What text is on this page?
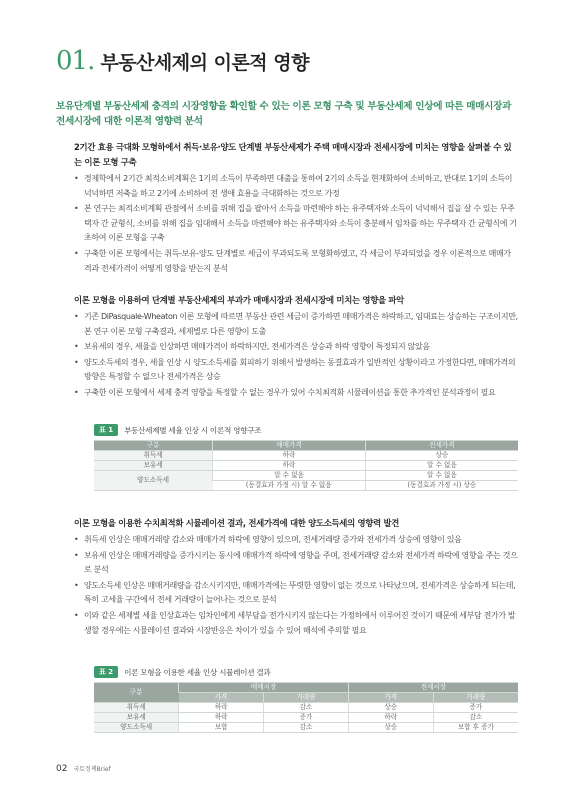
01. 부동산세제의 이론적 영향
보유단계별 부동산세제 충격의 시장영향을 확인할 수 있는 이론 모형 구축 및 부동산세제 인상에 따른 매매시장과 전세시장에 대한 이론적 영향력 분석
2기간 효용 극대화 모형하에서 취득·보유·양도 단계별 부동산세제가 주택 매매시장과 전세시장에 미치는 영향을 살펴볼 수 있는 이론 모형 구축
• 경제학에서 2기간 최적소비계획은 1기의 소득이 부족하면 대출을 통하여 2기의 소득을 현재화하여 소비하고, 반대로 1기의 소득이 넉넉하면 저축을 하고 2기에 소비하여 전 생애 효용을 극대화하는 것으로 가정
• 본 연구는 최적소비계획 관점에서 소비를 위해 집을 팔아서 소득을 마련해야 하는 유주택자와 소득이 넉넉해서 집을 살 수 있는 무주택자 간 균형식, 소비를 위해 집을 임대해서 소득을 마련해야 하는 유주택자와 소득이 충분해서 임차를 하는 무주택자 간 균형식에 기초하여 이론 모형을 구축
• 구축한 이론 모형에서는 취득-보유-양도 단계별로 세금이 부과되도록 모형화하였고, 각 세금이 부과되었을 경우 이론적으로 매매가격과 전세가격이 어떻게 영향을 받는지 분석
이론 모형을 이용하여 단계별 부동산세제의 부과가 매매시장과 전세시장에 미치는 영향을 파악
• 기존 DiPasquale-Wheaton 이론 모형에 따르면 부동산 관련 세금이 증가하면 매매가격은 하락하고, 임대료는 상승하는 구조이지만, 본 연구 이론 모형 구축결과, 세제별로 다른 영향이 도출
• 보유세의 경우, 세율을 인상하면 매매가격이 하락하지만, 전세가격은 상승과 하락 영향이 특정되지 않았음
• 양도소득세의 경우, 세율 인상 시 양도소득세를 회피하기 위해서 발생하는 동결효과가 일반적인 상황이라고 가정한다면, 매매가격의 방향은 특정할 수 없으나 전세가격은 상승
• 구축한 이론 모형에서 세제 충격 영향을 특정할 수 없는 경우가 있어 수치최적화 시뮬레이션을 통한 추가적인 분석과정이 필요
표 1	부동산세제별 세율 인상 시 이론적 영향구조
구분	매매가격	전세가격
취득세	하락	상승
보유세	하락	알 수 없음
양도소득세	알 수 없음	알 수 없음
	(동결효과 가정 시) 알 수 없음	(동결효과 가정 시) 상승
이론 모형을 이용한 수치최적화 시뮬레이션 결과, 전세가격에 대한 양도소득세의 영향력 발견
• 취득세 인상은 매매거래량 감소와 매매가격 하락에 영향이 있으며, 전세거래량 증가와 전세가격 상승에 영향이 있음
• 보유세 인상은 매매거래량을 증가시키는 동시에 매매가격 하락에 영향을 주며, 전세거래량 감소와 전세가격 하락에 영향을 주는 것으로 분석
• 양도소득세 인상은 매매거래량을 감소시키지만, 매매가격에는 뚜렷한 영향이 없는 것으로 나타났으며, 전세가격은 상승하게 되는데, 특히 고세율 구간에서 전세 거래량이 늘어나는 것으로 분석
• 이와 같은 세제별 세율 인상효과는 임차인에게 세부담을 전가시키지 않는다는 가정하에서 이루어진 것이기 때문에 세부담 전가가 발생할 경우에는 시뮬레이션 결과와 시장반응은 차이가 있을 수 있어 해석에 주의할 필요
표 2	이론 모형을 이용한 세율 인상 시뮬레이션 결과
구분	매매시장		전세시장	
	가격	거래량	가격	거래량
취득세	하락	감소	상승	증가
보유세	하락	증가	하락	감소
양도소득세	보합	감소	상승	보합 후 증가
02 국토정책Brief
